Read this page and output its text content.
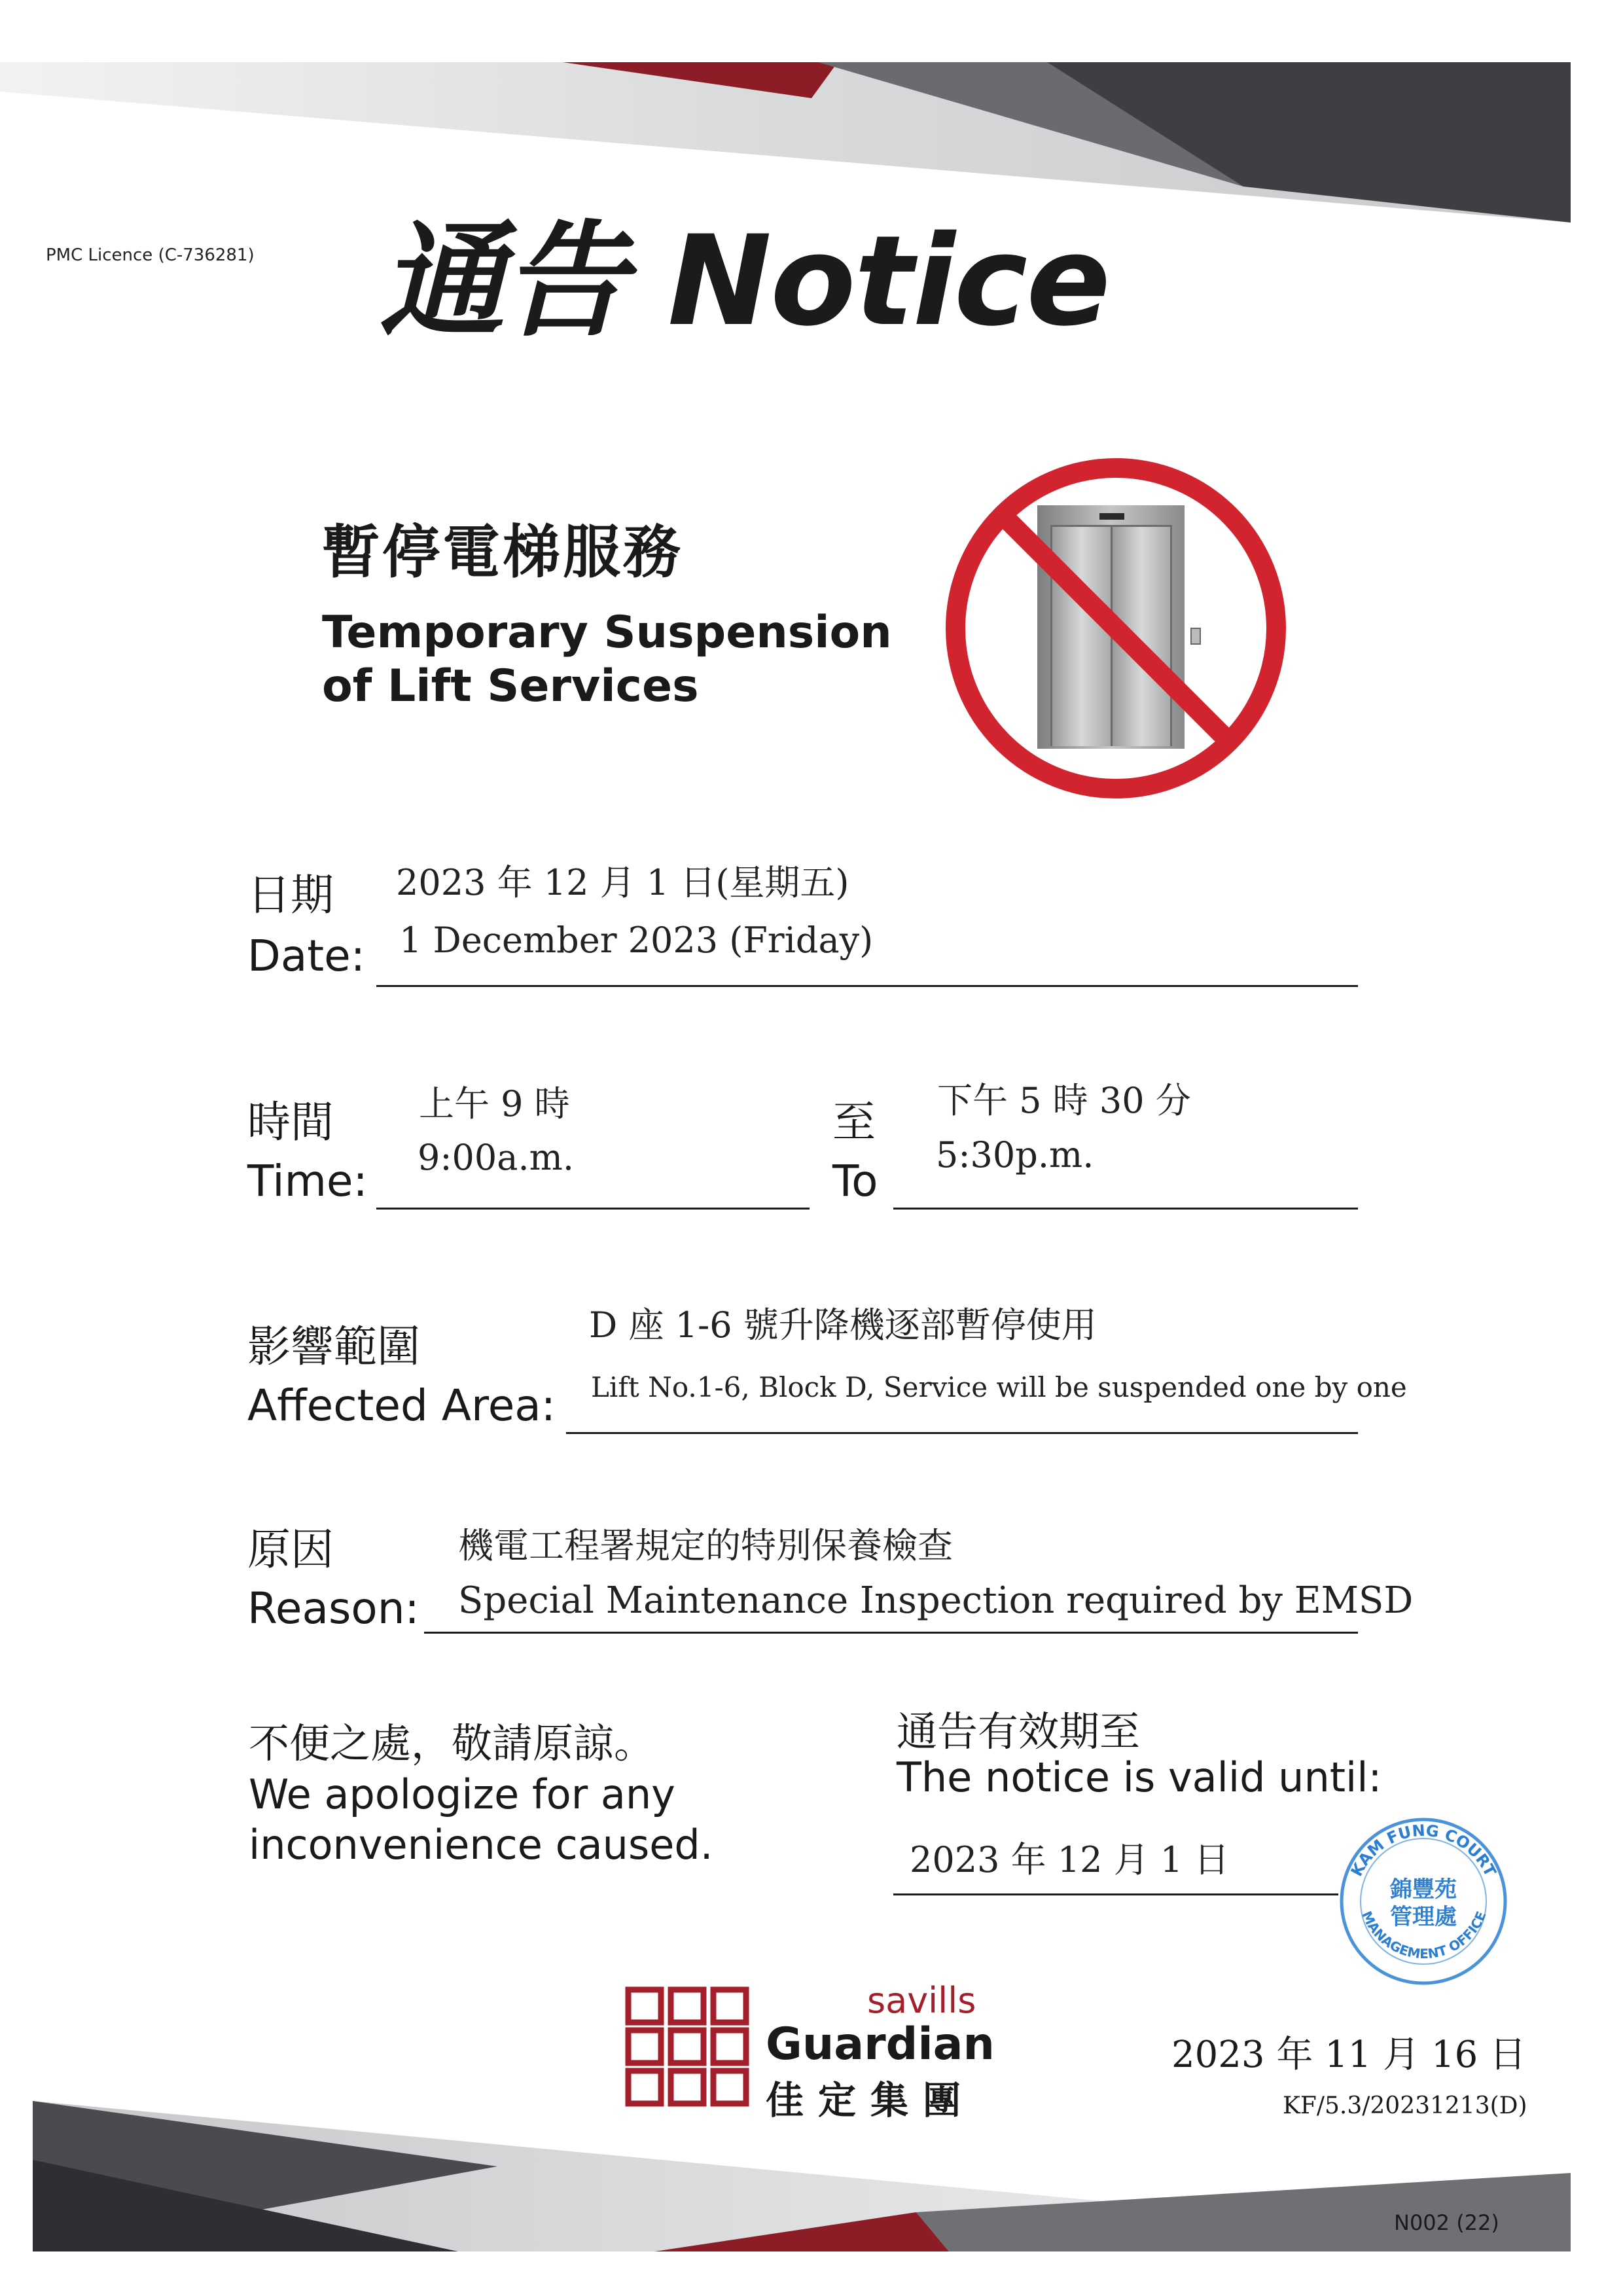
PMC Licence (C-736281) 通告 Notice
暫停電梯服務
Temporary Suspension
of Lift Services
日期
Date:
2023 年 12 月 1 日(星期五)
1 December 2023 (Friday)
時間
Time:
上午 9 時
9:00a.m.
至
To
下午 5 時 30 分
5:30p.m.
影響範圍
Affected Area:
D 座 1-6 號升降機逐部暫停使用
Lift No.1-6, Block D, Service will be suspended one by one
原因
Reason:
機電工程署規定的特別保養檢查
Special Maintenance Inspection required by EMSD
不便之處，敬請原諒。
We apologize for any
inconvenience caused.
通告有效期至
The notice is valid until:
2023 年 12 月 1 日	KAM FUNG COURT
錦豐苑
管理處
MANAGEMENT OFFICE
savills
Guardian
佳定集團
2023 年 11 月 16 日
KF/5.3/20231213(D)
N002 (22)
